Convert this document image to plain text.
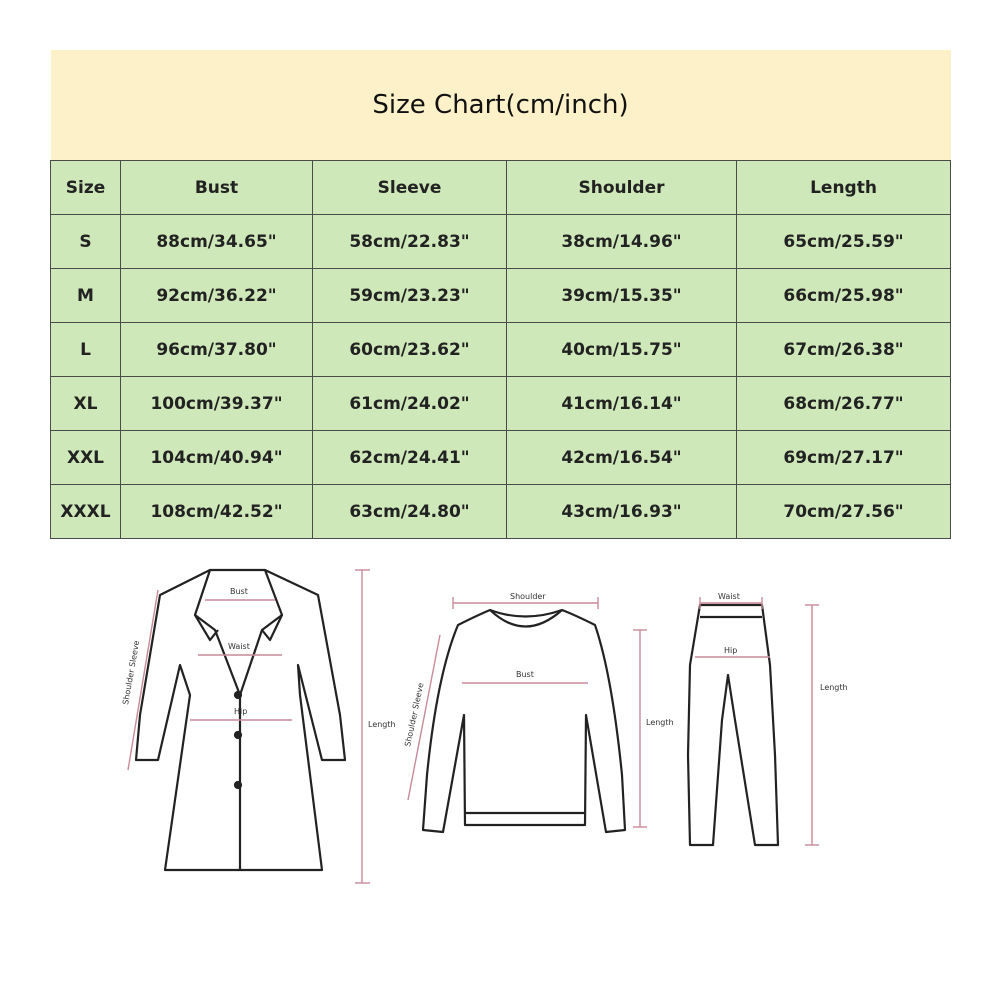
Size Chart(cm/inch)				
Size	Bust	Sleeve	Shoulder	Length
S	88cm/34.65"	58cm/22.83"	38cm/14.96"	65cm/25.59"
M	92cm/36.22"	59cm/23.23"	39cm/15.35"	66cm/25.98"
L	96cm/37.80"	60cm/23.62"	40cm/15.75"	67cm/26.38"
XL	100cm/39.37"	61cm/24.02"	41cm/16.14"	68cm/26.77"
XXL	104cm/40.94"	62cm/24.41"	42cm/16.54"	69cm/27.17"
XXXL	108cm/42.52"	63cm/24.80"	43cm/16.93"	70cm/27.56"
Bust
Waist
Hip
Shoulder Sleeve
Length
Shoulder
Bust
Shoulder Sleeve	Length
Waist
Hip
Length
